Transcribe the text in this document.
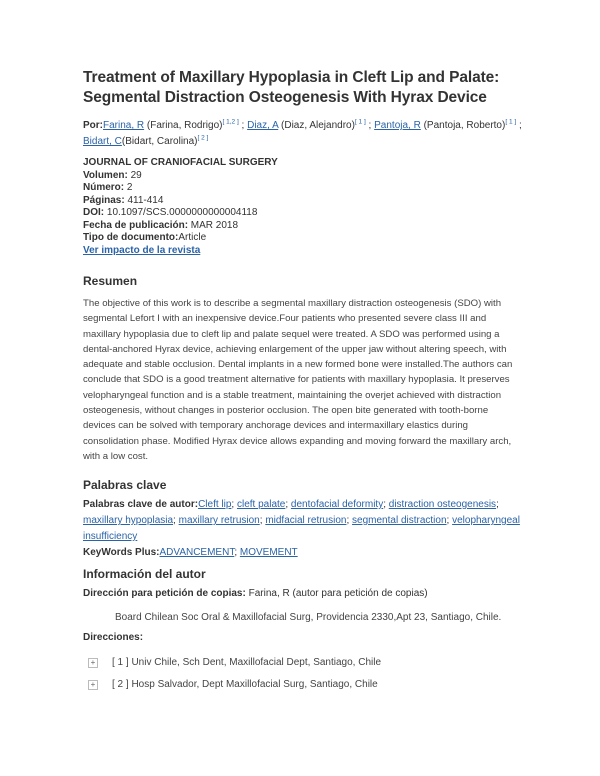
Treatment of Maxillary Hypoplasia in Cleft Lip and Palate: Segmental Distraction Osteogenesis With Hyrax Device
Por:Farina, R (Farina, Rodrigo)[ 1,2 ] ; Diaz, A (Diaz, Alejandro)[ 1 ] ; Pantoja, R (Pantoja, Roberto)[ 1 ] ; Bidart, C(Bidart, Carolina)[ 2 ]
JOURNAL OF CRANIOFACIAL SURGERY
Volumen: 29
Número: 2
Páginas: 411-414
DOI: 10.1097/SCS.0000000000004118
Fecha de publicación: MAR 2018
Tipo de documento:Article
Ver impacto de la revista
Resumen
The objective of this work is to describe a segmental maxillary distraction osteogenesis (SDO) with segmental Lefort I with an inexpensive device.Four patients who presented severe class III and maxillary hypoplasia due to cleft lip and palate sequel were treated. A SDO was performed using a dental-anchored Hyrax device, achieving enlargement of the upper jaw without altering speech, with adequate and stable occlusion. Dental implants in a new formed bone were installed.The authors can conclude that SDO is a good treatment alternative for patients with maxillary hypoplasia. It preserves velopharyngeal function and is a stable treatment, maintaining the overjet achieved with distraction osteogenesis, without changes in posterior occlusion. The open bite generated with tooth-borne devices can be solved with temporary anchorage devices and intermaxillary elastics during consolidation phase. Modified Hyrax device allows expanding and moving forward the maxillary arch, with a low cost.
Palabras clave
Palabras clave de autor:Cleft lip; cleft palate; dentofacial deformity; distraction osteogenesis; maxillary hypoplasia; maxillary retrusion; midfacial retrusion; segmental distraction; velopharyngeal insufficiency
KeyWords Plus:ADVANCEMENT; MOVEMENT
Información del autor
Dirección para petición de copias: Farina, R (autor para petición de copias)
Board Chilean Soc Oral & Maxillofacial Surg, Providencia 2330,Apt 23, Santiago, Chile.
Direcciones:
+ [ 1 ] Univ Chile, Sch Dent, Maxillofacial Dept, Santiago, Chile
+ [ 2 ] Hosp Salvador, Dept Maxillofacial Surg, Santiago, Chile
